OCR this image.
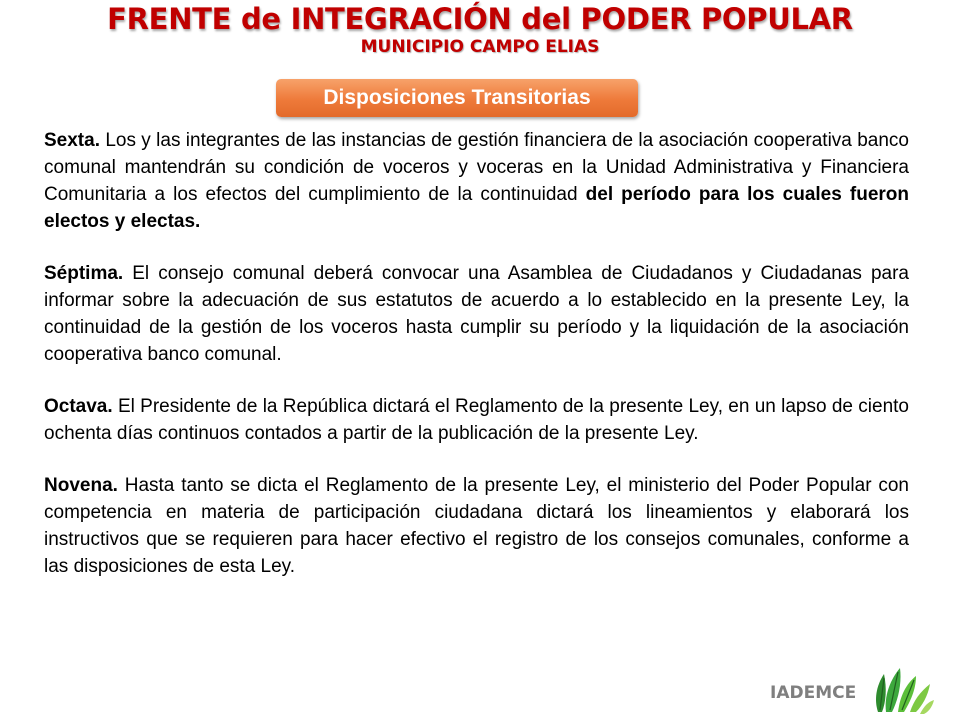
FRENTE de INTEGRACIÓN del PODER POPULAR
MUNICIPIO CAMPO ELIAS
Disposiciones Transitorias

Sexta. Los y las integrantes de las instancias de gestión financiera de la asociación cooperativa banco comunal mantendrán su condición de voceros y voceras en la Unidad Administrativa y Financiera Comunitaria a los efectos del cumplimiento de la continuidad del período para los cuales fueron electos y electas.

Séptima. El consejo comunal deberá convocar una Asamblea de Ciudadanos y Ciudadanas para informar sobre la adecuación de sus estatutos de acuerdo a lo establecido en la presente Ley, la continuidad de la gestión de los voceros hasta cumplir su período y la liquidación de la asociación cooperativa banco comunal.

Octava. El Presidente de la República dictará el Reglamento de la presente Ley, en un lapso de ciento ochenta días continuos contados a partir de la publicación de la presente Ley.

Novena. Hasta tanto se dicta el Reglamento de la presente Ley, el ministerio del Poder Popular con competencia en materia de participación ciudadana dictará los lineamientos y elaborará los instructivos que se requieren para hacer efectivo el registro de los consejos comunales, conforme a las disposiciones de esta Ley.

IADEMCE
